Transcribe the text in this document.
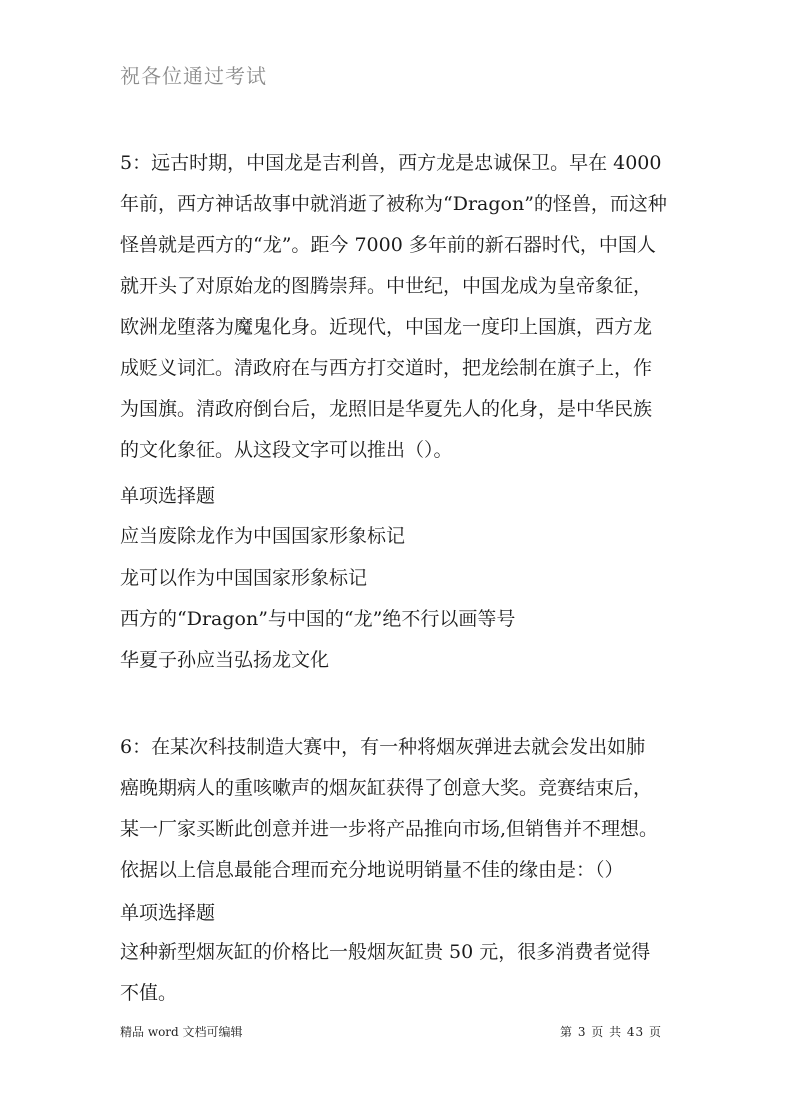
祝各位通过考试
5：远古时期，中国龙是吉利兽，西方龙是忠诚保卫。早在 4000
年前，西方神话故事中就消逝了被称为“Dragon”的怪兽，而这种
怪兽就是西方的“龙”。距今 7000 多年前的新石器时代，中国人
就开头了对原始龙的图腾崇拜。中世纪，中国龙成为皇帝象征，
欧洲龙堕落为魔鬼化身。近现代，中国龙一度印上国旗，西方龙
成贬义词汇。清政府在与西方打交道时，把龙绘制在旗子上，作
为国旗。清政府倒台后，龙照旧是华夏先人的化身，是中华民族
的文化象征。从这段文字可以推出（）。
单项选择题
应当废除龙作为中国国家形象标记
龙可以作为中国国家形象标记
西方的“Dragon”与中国的“龙”绝不行以画等号
华夏子孙应当弘扬龙文化
6：在某次科技制造大赛中，有一种将烟灰弹进去就会发出如肺
癌晚期病人的重咳嗽声的烟灰缸获得了创意大奖。竞赛结束后，
某一厂家买断此创意并进一步将产品推向市场,但销售并不理想。
依据以上信息最能合理而充分地说明销量不佳的缘由是：（）
单项选择题
这种新型烟灰缸的价格比一般烟灰缸贵 50 元，很多消费者觉得
不值。
精品 word 文档可编辑	第 3 页 共 43 页
